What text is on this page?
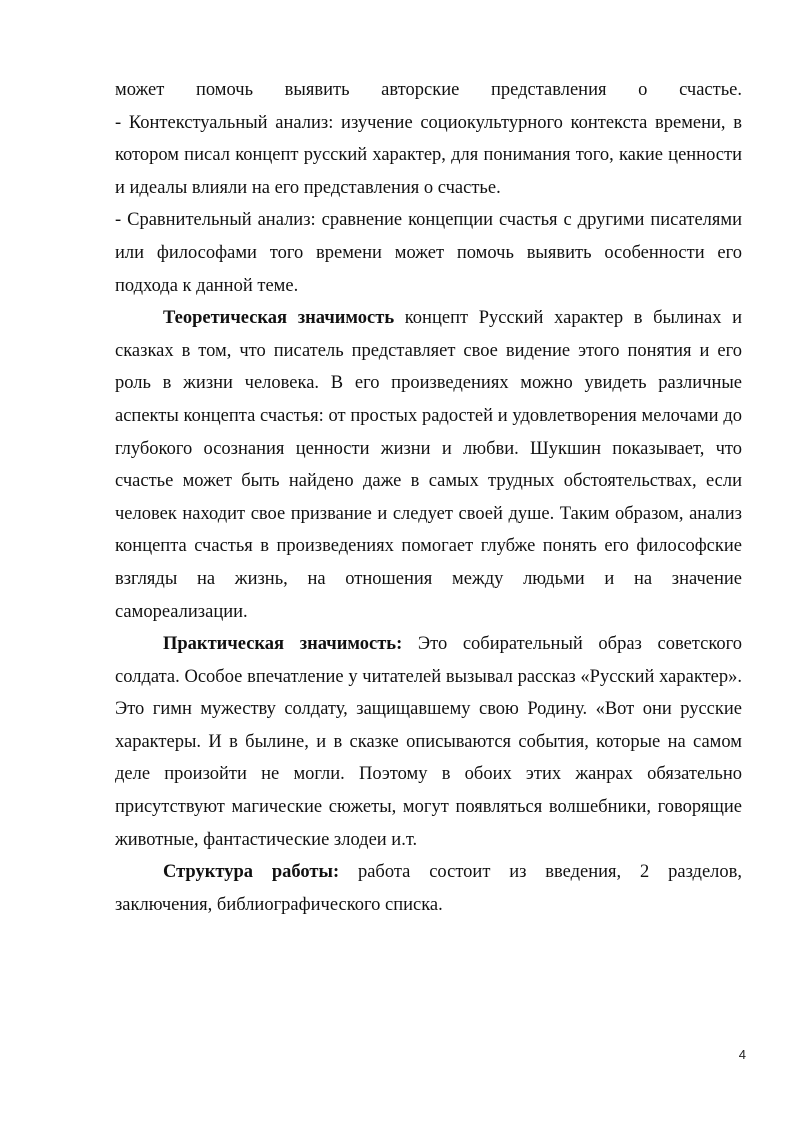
может помочь выявить авторские представления о счастье.

- Контекстуальный анализ: изучение социокультурного контекста времени, в котором писал концепт русский характер, для понимания того, какие ценности и идеалы влияли на его представления о счастье.

- Сравнительный анализ: сравнение концепции счастья с другими писателями или философами того времени может помочь выявить особенности его подхода к данной теме.

Теоретическая значимость концепт Русский характер в былинах и сказках в том, что писатель представляет свое видение этого понятия и его роль в жизни человека. В его произведениях можно увидеть различные аспекты концепта счастья: от простых радостей и удовлетворения мелочами до глубокого осознания ценности жизни и любви. Шукшин показывает, что счастье может быть найдено даже в самых трудных обстоятельствах, если человек находит свое призвание и следует своей душе. Таким образом, анализ концепта счастья в произведениях помогает глубже понять его философские взгляды на жизнь, на отношения между людьми и на значение самореализации.

Практическая значимость: Это собирательный образ советского солдата. Особое впечатление у читателей вызывал рассказ «Русский характер». Это гимн мужеству солдату, защищавшему свою Родину. «Вот они русские характеры. И в былине, и в сказке описываются события, которые на самом деле произойти не могли. Поэтому в обоих этих жанрах обязательно присутствуют магические сюжеты, могут появляться волшебники, говорящие животные, фантастические злодеи и.т.

Структура работы: работа состоит из введения, 2 разделов, заключения, библиографического списка.

4
